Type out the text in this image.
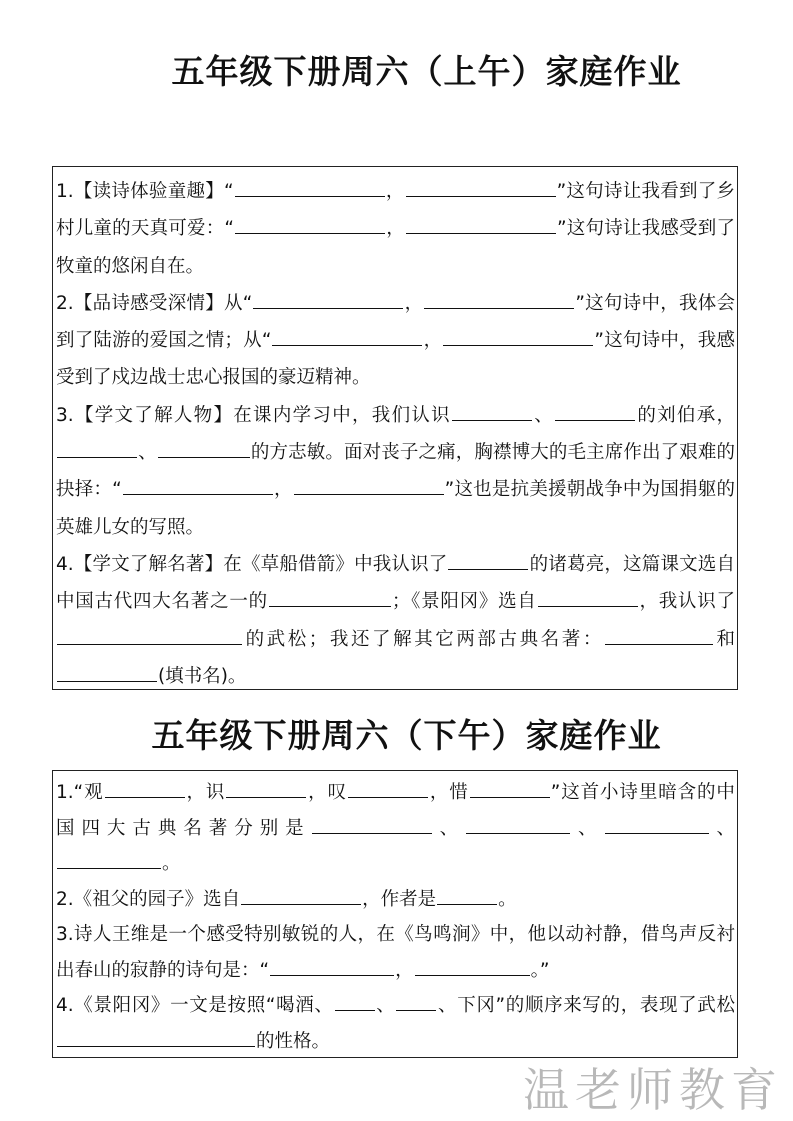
五年级下册周六（上午）家庭作业

1.【读诗体验童趣】“	，	”这句诗让我看到了乡村儿童的天真可爱：“	，	”这句诗让我感受到了牧童的悠闲自在。

2.【品诗感受深情】从“	，	”这句诗中，我体会到了陆游的爱国之情；从“	，	”这句诗中，我感受到了戍边战士忠心报国的豪迈精神。

3.【学文了解人物】在课内学习中，我们认识	、	的刘伯承，、	的方志敏。面对丧子之痛，胸襟博大的毛主席作出了艰难的抉择：“	，	”这也是抗美援朝战争中为国捐躯的英雄儿女的写照。

4.【学文了解名著】在《草船借箭》中我认识了	的诸葛亮，这篇课文选自中国古代四大名著之一的	；《景阳冈》选自	，我认识了的武松；我还了解其它两部古典名著：	和 (填书名)。

五年级下册周六（下午）家庭作业

1.“观	，识	，叹	，惜	”这首小诗里暗含的中国四大古典名著分别是	、	、	、。

2.《祖父的园子》选自	，作者是	。

3.诗人王维是一个感受特别敏锐的人，在《鸟鸣涧》中，他以动衬静，借鸟声反衬出春山的寂静的诗句是：“	，	。”

4.《景阳冈》一文是按照“喝酒、 、 、下冈”的顺序来写的，表现了武松的性格。

温老师教育
